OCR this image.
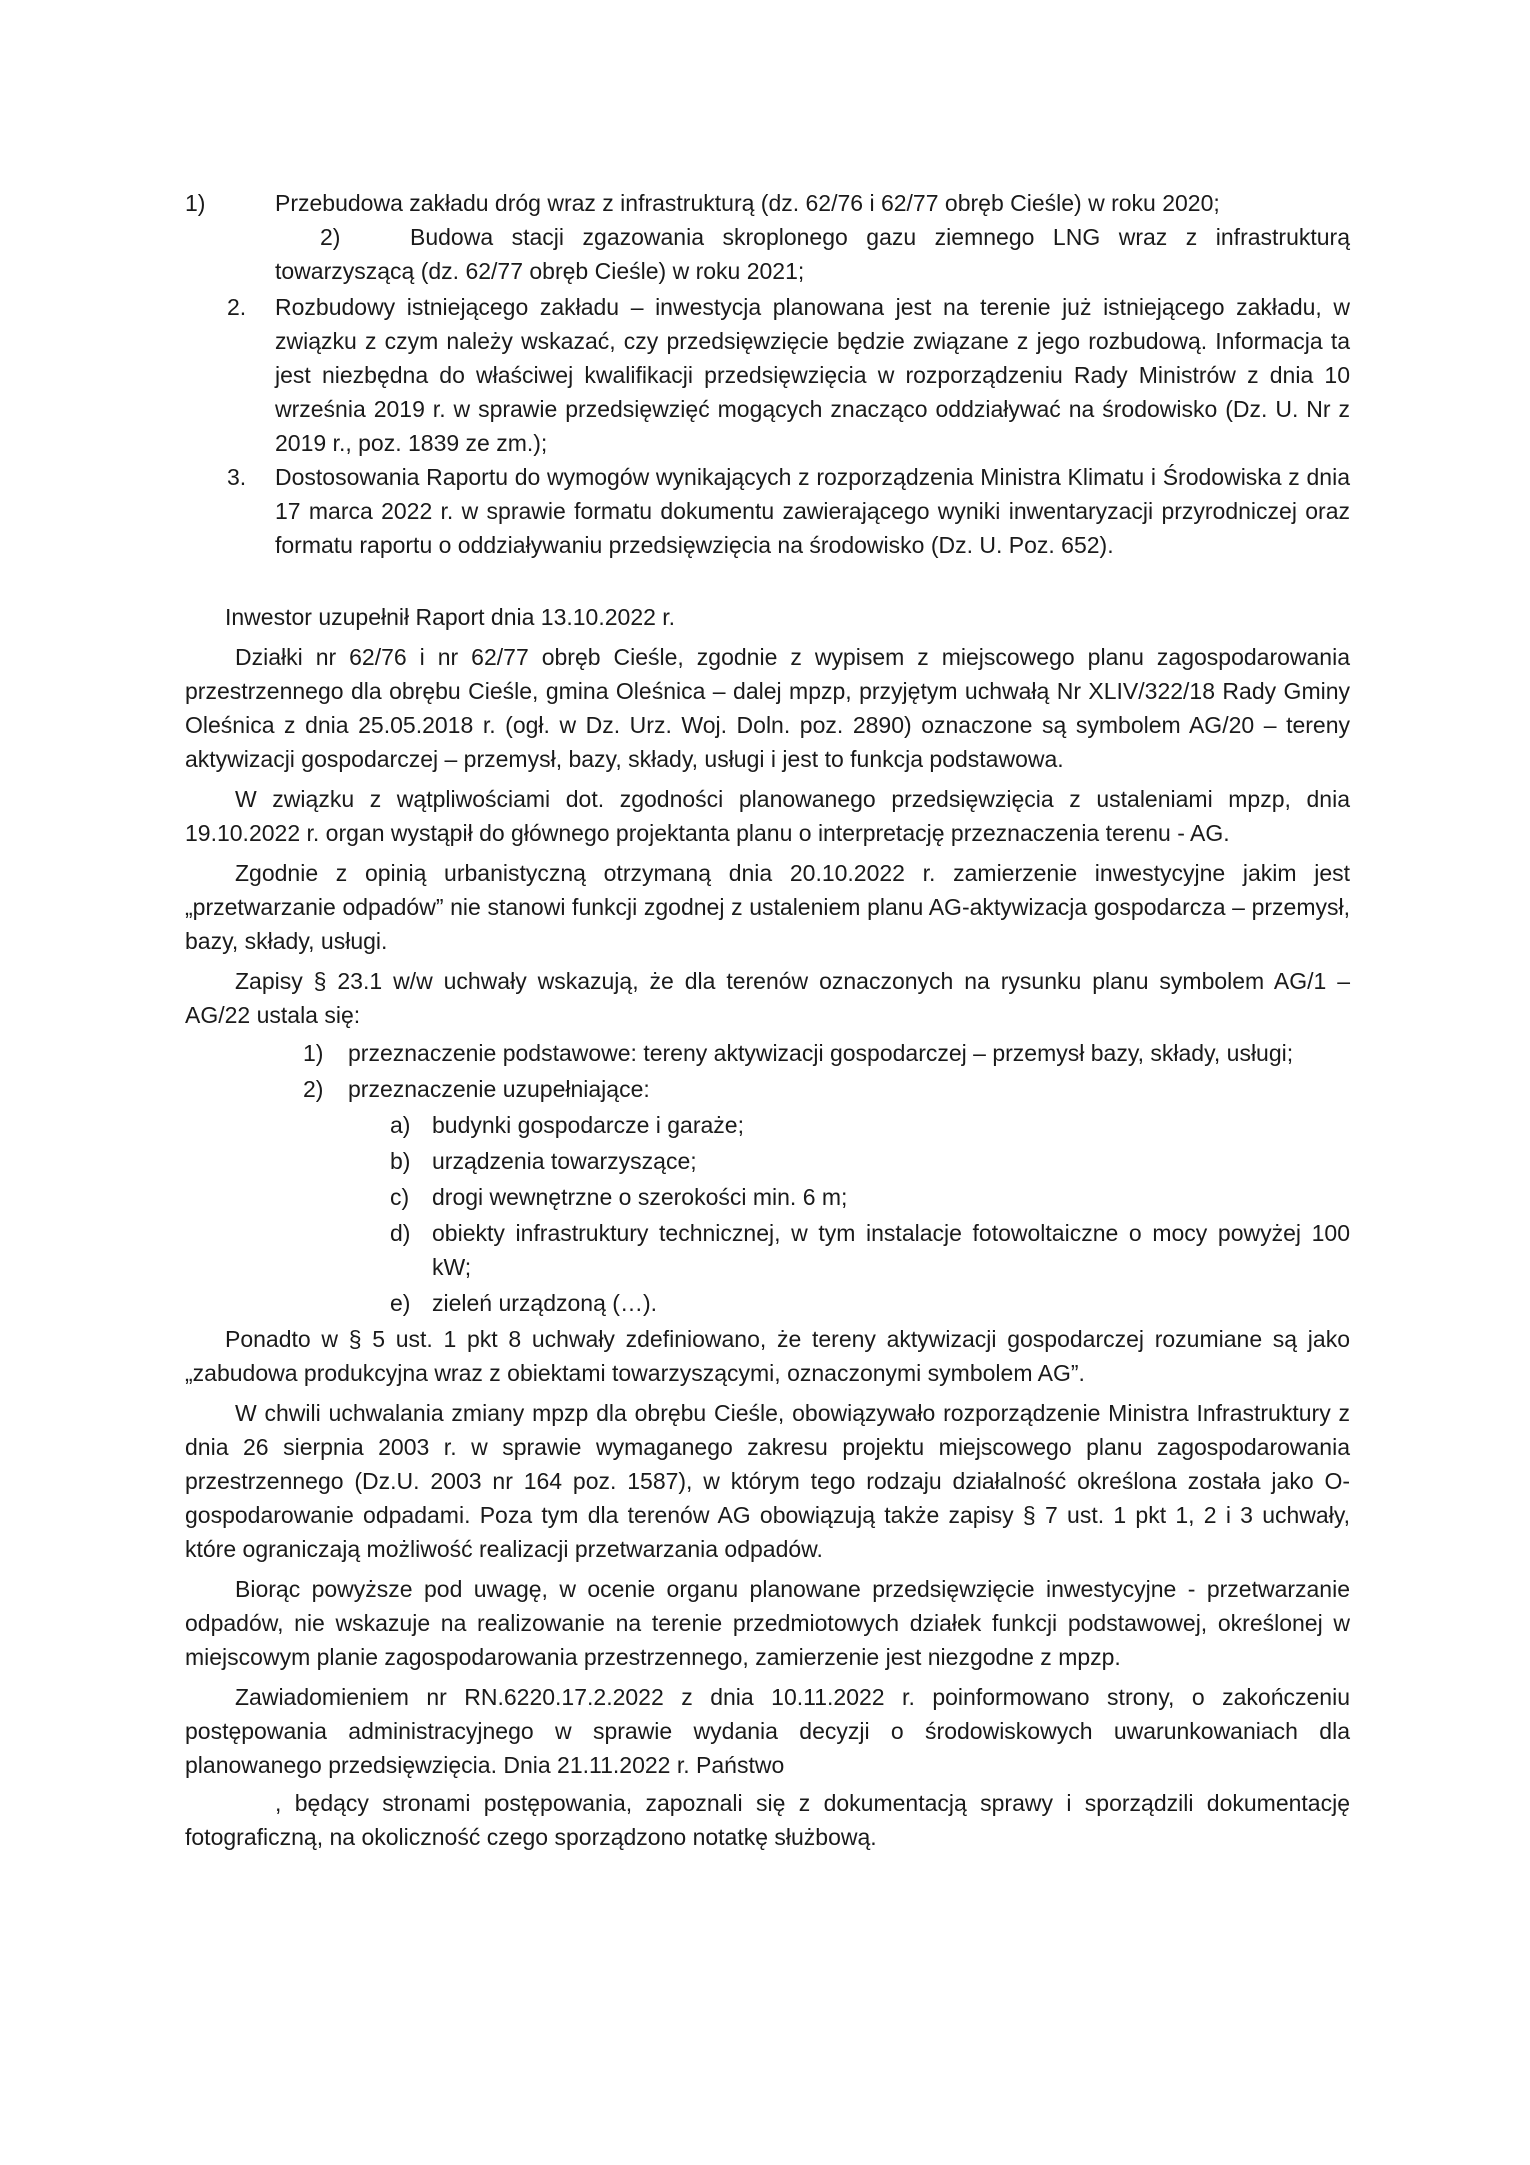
1)	Przebudowa zakładu dróg wraz z infrastrukturą (dz. 62/76 i 62/77 obręb Cieśle) w roku 2020;
2)	Budowa stacji zgazowania skroplonego gazu ziemnego LNG wraz z infrastrukturą towarzyszącą (dz. 62/77 obręb Cieśle) w roku 2021;
2.	Rozbudowy istniejącego zakładu – inwestycja planowana jest na terenie już istniejącego zakładu, w związku z czym należy wskazać, czy przedsięwzięcie będzie związane z jego rozbudową. Informacja ta jest niezbędna do właściwej kwalifikacji przedsięwzięcia w rozporządzeniu Rady Ministrów z dnia 10 września 2019 r. w sprawie przedsięwzięć mogących znacząco oddziaływać na środowisko (Dz. U. Nr z 2019 r., poz. 1839 ze zm.);
3.	Dostosowania Raportu do wymogów wynikających z rozporządzenia Ministra Klimatu i Środowiska z dnia 17 marca 2022 r. w sprawie formatu dokumentu zawierającego wyniki inwentaryzacji przyrodniczej oraz formatu raportu o oddziaływaniu przedsięwzięcia na środowisko (Dz. U. Poz. 652).

Inwestor uzupełnił Raport dnia 13.10.2022 r.

Działki nr 62/76 i nr 62/77 obręb Cieśle, zgodnie z wypisem z miejscowego planu zagospodarowania przestrzennego dla obrębu Cieśle, gmina Oleśnica – dalej mpzp, przyjętym uchwałą Nr XLIV/322/18 Rady Gminy Oleśnica z dnia 25.05.2018 r. (ogł. w Dz. Urz. Woj. Doln. poz. 2890) oznaczone są symbolem AG/20 – tereny aktywizacji gospodarczej – przemysł, bazy, składy, usługi i jest to funkcja podstawowa.

W związku z wątpliwościami dot. zgodności planowanego przedsięwzięcia z ustaleniami mpzp, dnia 19.10.2022 r. organ wystąpił do głównego projektanta planu o interpretację przeznaczenia terenu - AG.

Zgodnie z opinią urbanistyczną otrzymaną dnia 20.10.2022 r. zamierzenie inwestycyjne jakim jest „przetwarzanie odpadów” nie stanowi funkcji zgodnej z ustaleniem planu AG-aktywizacja gospodarcza – przemysł, bazy, składy, usługi.

Zapisy § 23.1 w/w uchwały wskazują, że dla terenów oznaczonych na rysunku planu symbolem AG/1 – AG/22 ustala się:

1)	przeznaczenie podstawowe: tereny aktywizacji gospodarczej – przemysł bazy, składy, usługi;
2)	przeznaczenie uzupełniające:
a) budynki gospodarcze i garaże;
b) urządzenia towarzyszące;
c) drogi wewnętrzne o szerokości min. 6 m;
d) obiekty infrastruktury technicznej, w tym instalacje fotowoltaiczne o mocy powyżej 100 kW;
e) zieleń urządzoną (…).

Ponadto w § 5 ust. 1 pkt 8 uchwały zdefiniowano, że tereny aktywizacji gospodarczej rozumiane są jako „zabudowa produkcyjna wraz z obiektami towarzyszącymi, oznaczonymi symbolem AG”.

W chwili uchwalania zmiany mpzp dla obrębu Cieśle, obowiązywało rozporządzenie Ministra Infrastruktury z dnia 26 sierpnia 2003 r. w sprawie wymaganego zakresu projektu miejscowego planu zagospodarowania przestrzennego (Dz.U. 2003 nr 164 poz. 1587), w którym tego rodzaju działalność określona została jako O-gospodarowanie odpadami. Poza tym dla terenów AG obowiązują także zapisy § 7 ust. 1 pkt 1, 2 i 3 uchwały, które ograniczają możliwość realizacji przetwarzania odpadów.

Biorąc powyższe pod uwagę, w ocenie organu planowane przedsięwzięcie inwestycyjne - przetwarzanie odpadów, nie wskazuje na realizowanie na terenie przedmiotowych działek funkcji podstawowej, określonej w miejscowym planie zagospodarowania przestrzennego, zamierzenie jest niezgodne z mpzp.

Zawiadomieniem nr RN.6220.17.2.2022 z dnia 10.11.2022 r. poinformowano strony, o zakończeniu postępowania administracyjnego w sprawie wydania decyzji o środowiskowych uwarunkowaniach dla planowanego przedsięwzięcia. Dnia 21.11.2022 r. Państwo

, będący stronami postępowania, zapoznali się z dokumentacją sprawy i sporządzili dokumentację fotograficzną, na okoliczność czego sporządzono notatkę służbową.
